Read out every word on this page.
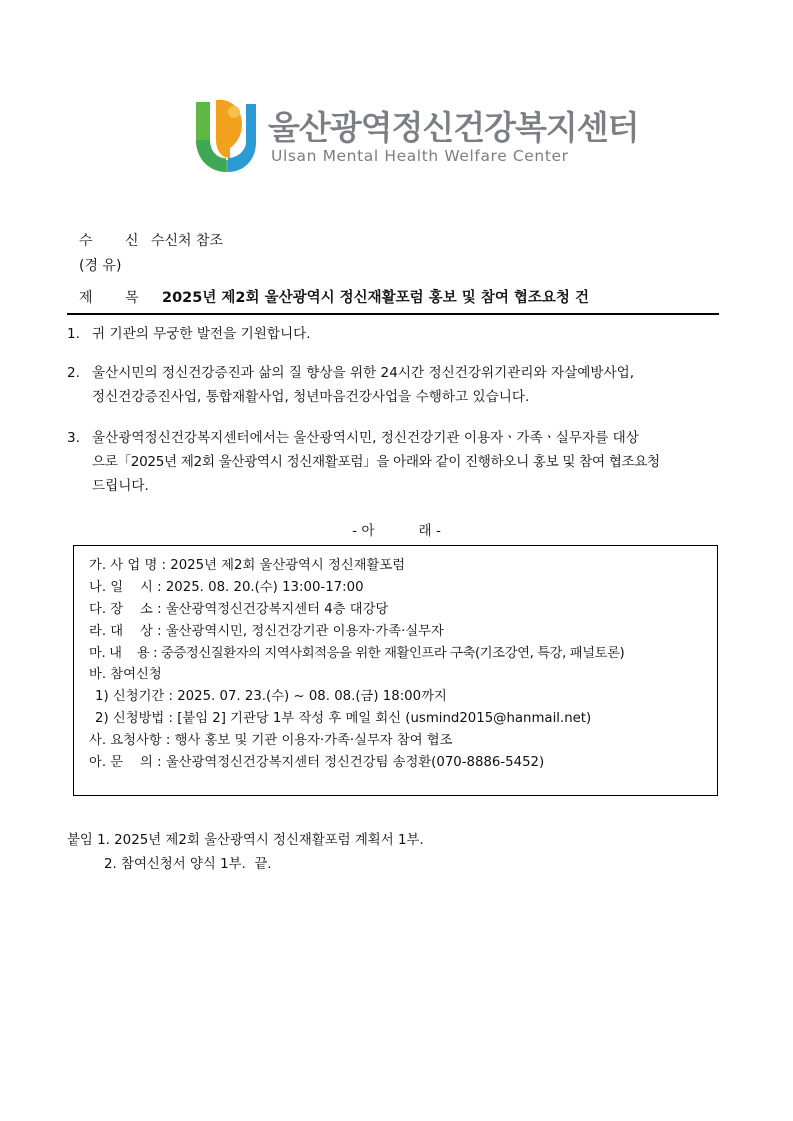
울산광역정신건강복지센터
Ulsan Mental Health Welfare Center
수 신
수신처 참조
(경 유)
제 목 2025년 제2회 울산광역시 정신재활포럼 홍보 및 참여 협조요청 건
1. 귀 기관의 무궁한 발전을 기원합니다.
2. 울산시민의 정신건강증진과 삶의 질 향상을 위한 24시간 정신건강위기관리와 자살예방사업,
정신건강증진사업, 통합재활사업, 청년마음건강사업을 수행하고 있습니다.
3. 울산광역정신건강복지센터에서는 울산광역시민, 정신건강기관 이용자ㆍ가족ㆍ실무자를 대상
으로「2025년 제2회 울산광역시 정신재활포럼」을 아래와 같이 진행하오니 홍보 및 참여 협조요청
드립니다.
- 아	래 -
가. 사 업 명 : 2025년 제2회 울산광역시 정신재활포럼
나. 일    시 : 2025. 08. 20.(수) 13:00-17:00
다. 장    소 : 울산광역정신건강복지센터 4층 대강당
라. 대    상 : 울산광역시민, 정신건강기관 이용자·가족·실무자
마. 내    용 : 중증정신질환자의 지역사회적응을 위한 재활인프라 구축(기조강연, 특강, 패널토론)
바. 참여신청
1) 신청기간 : 2025. 07. 23.(수) ~ 08. 08.(금) 18:00까지
2) 신청방법 : [붙임 2] 기관당 1부 작성 후 메일 회신 (usmind2015@hanmail.net)
사. 요청사항 : 행사 홍보 및 기관 이용자·가족·실무자 참여 협조
아. 문    의 : 울산광역정신건강복지센터 정신건강팀 송정환(070-8886-5452)
붙임 1. 2025년 제2회 울산광역시 정신재활포럼 계획서 1부.
2. 참여신청서 양식 1부. 끝.
